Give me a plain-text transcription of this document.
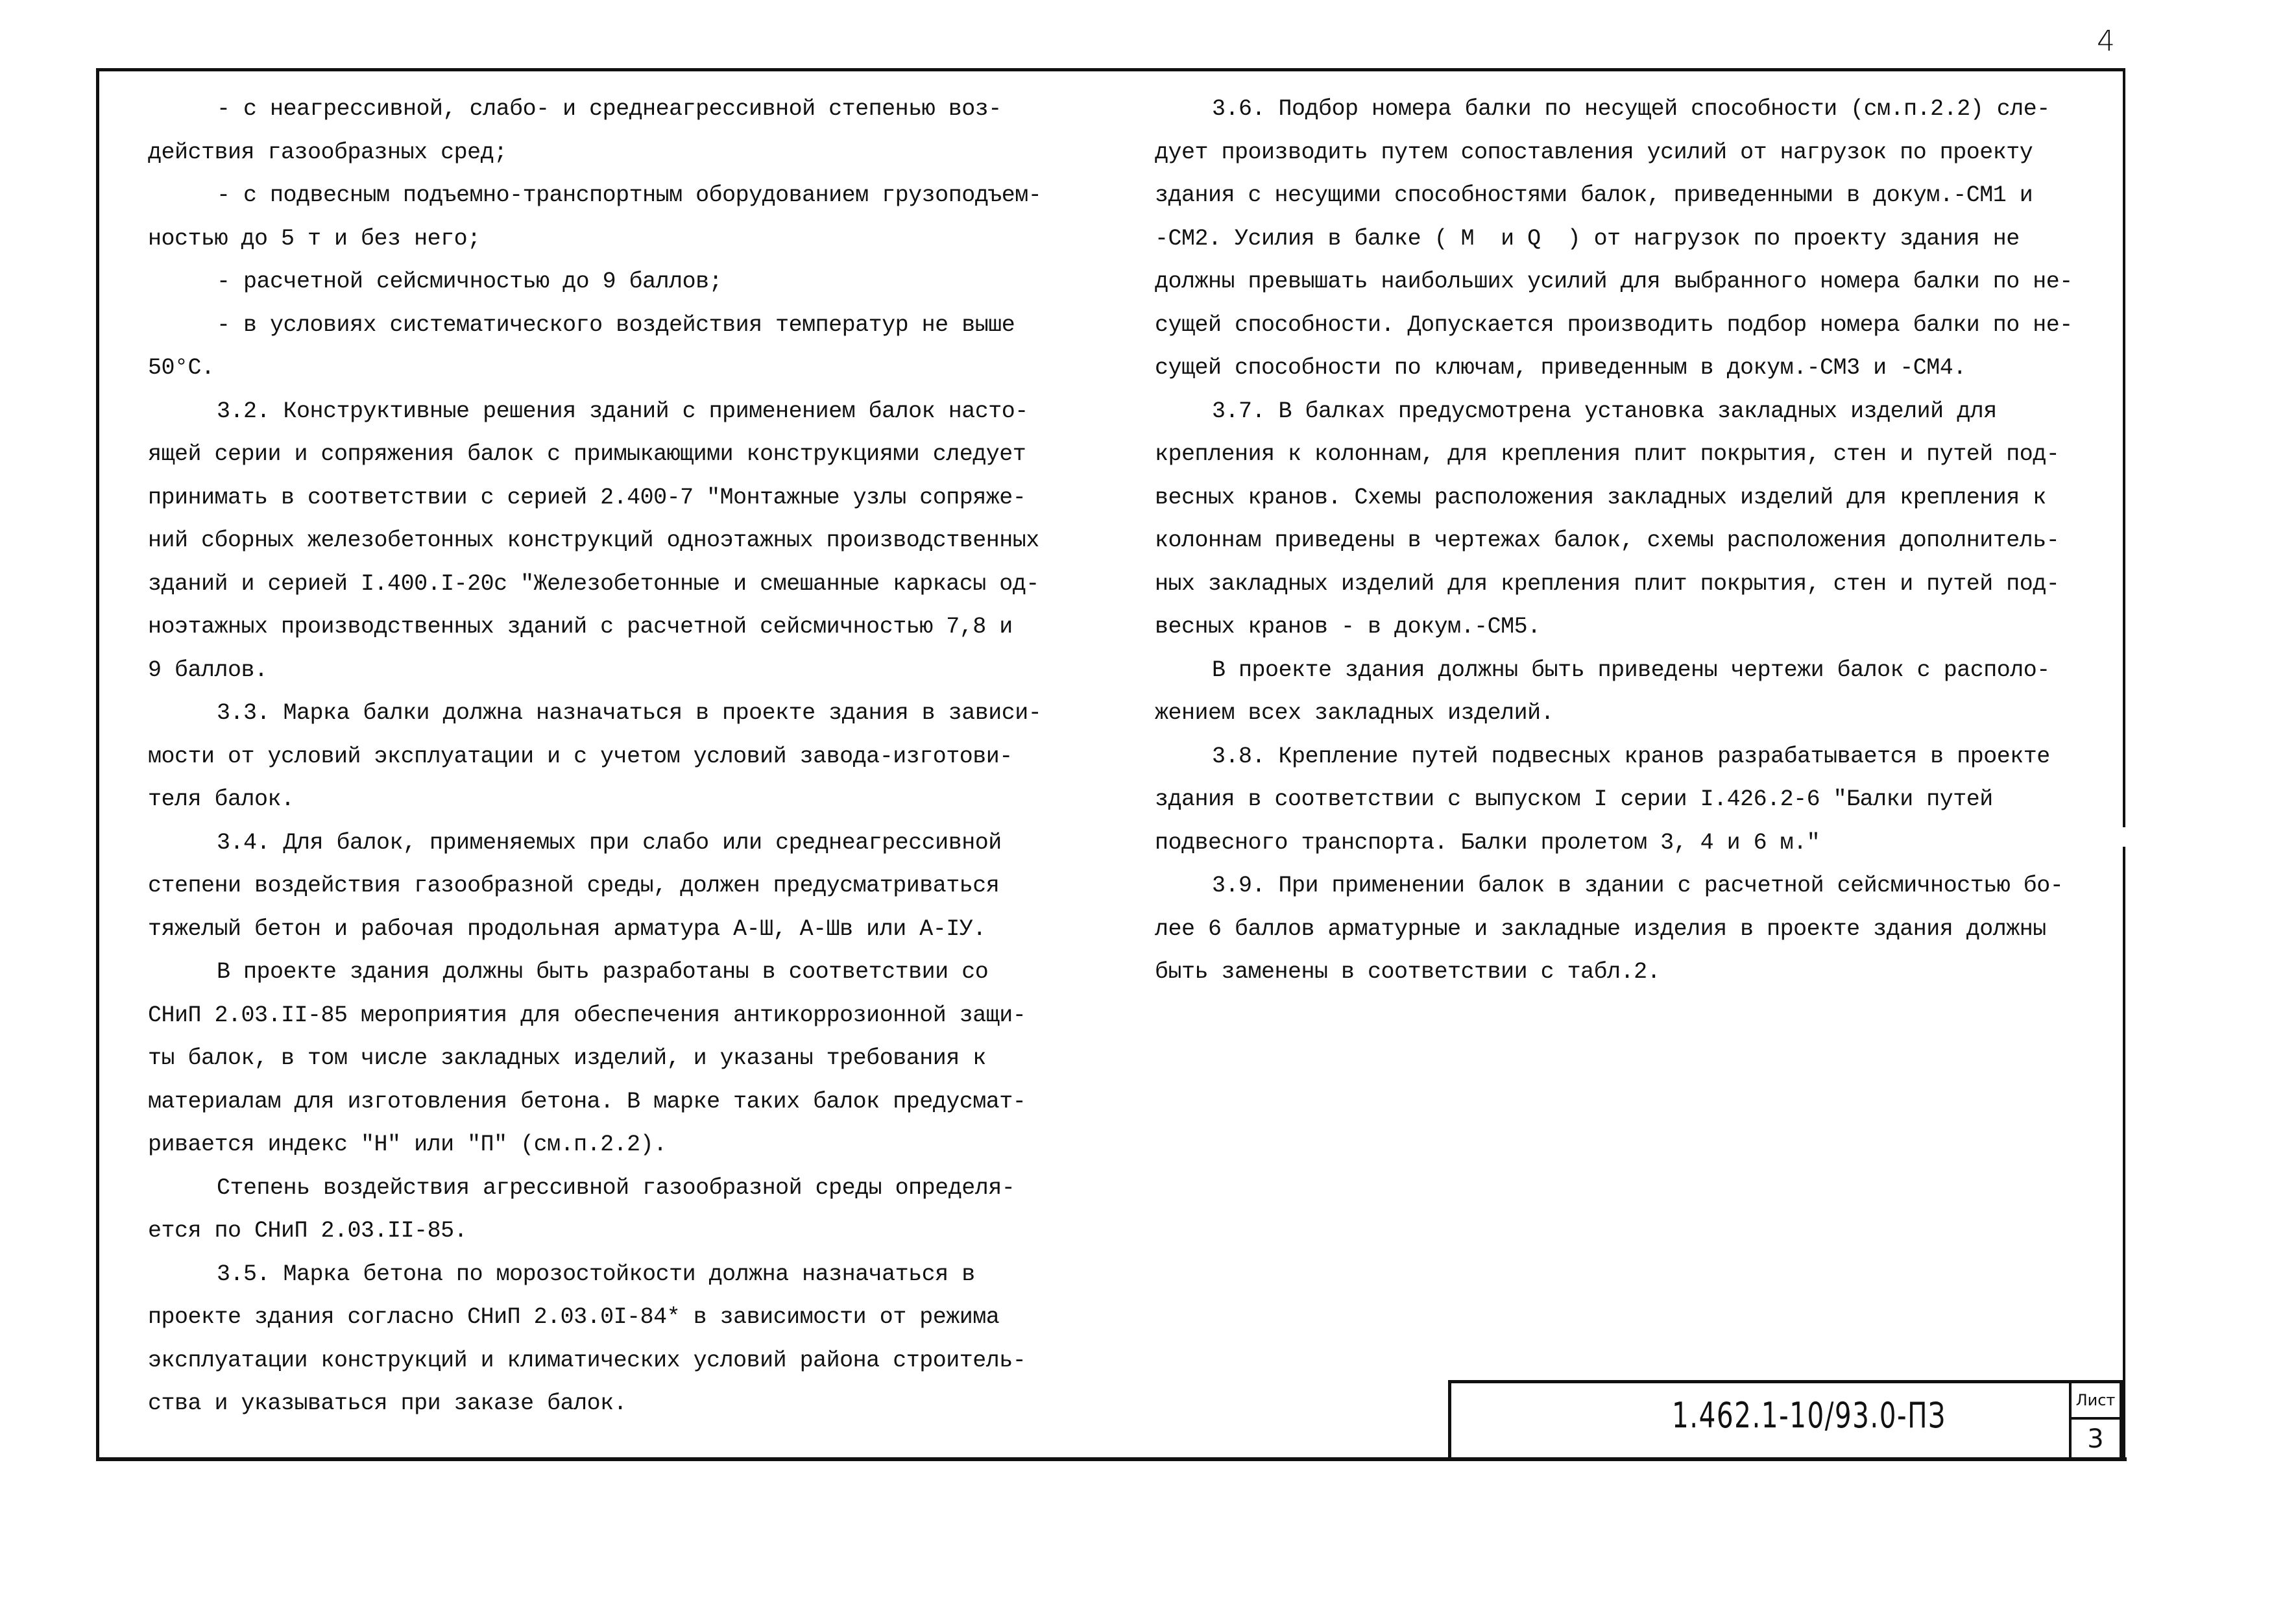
4
- с неагрессивной, слабо- и среднеагрессивной степенью воз-
действия газообразных сред;
- с подвесным подъемно-транспортным оборудованием грузоподъем-
ностью до 5 т и без него;
- расчетной сейсмичностью до 9 баллов;
- в условиях систематического воздействия температур не выше
50°С.
3.2. Конструктивные решения зданий с применением балок насто-
ящей серии и сопряжения балок с примыкающими конструкциями следует
принимать в соответствии с серией 2.400-7 "Монтажные узлы сопряже-
ний сборных железобетонных конструкций одноэтажных производственных
зданий и серией I.400.I-20с "Железобетонные и смешанные каркасы од-
ноэтажных производственных зданий с расчетной сейсмичностью 7,8 и
9 баллов.
3.3. Марка балки должна назначаться в проекте здания в зависи-
мости от условий эксплуатации и с учетом условий завода-изготови-
теля балок.
3.4. Для балок, применяемых при слабо или среднеагрессивной
степени воздействия газообразной среды, должен предусматриваться
тяжелый бетон и рабочая продольная арматура А-Ш, А-Шв или А-IУ.
В проекте здания должны быть разработаны в соответствии со
СНиП 2.03.II-85 мероприятия для обеспечения антикоррозионной защи-
ты балок, в том числе закладных изделий, и указаны требования к
материалам для изготовления бетона. В марке таких балок предусмат-
ривается индекс "Н" или "П" (см.п.2.2).
Степень воздействия агрессивной газообразной среды определя-
ется по СНиП 2.03.II-85.
3.5. Марка бетона по морозостойкости должна назначаться в
проекте здания согласно СНиП 2.03.0I-84* в зависимости от режима
эксплуатации конструкций и климатических условий района строитель-
ства и указываться при заказе балок.
3.6. Подбор номера балки по несущей способности (см.п.2.2) сле-
дует производить путем сопоставления усилий от нагрузок по проекту
здания с несущими способностями балок, приведенными в докум.-СМ1 и
-СМ2. Усилия в балке ( М  и Q  ) от нагрузок по проекту здания не
должны превышать наибольших усилий для выбранного номера балки по не-
сущей способности. Допускается производить подбор номера балки по не-
сущей способности по ключам, приведенным в докум.-СМ3 и -СМ4.
3.7. В балках предусмотрена установка закладных изделий для
крепления к колоннам, для крепления плит покрытия, стен и путей под-
весных кранов. Схемы расположения закладных изделий для крепления к
колоннам приведены в чертежах балок, схемы расположения дополнитель-
ных закладных изделий для крепления плит покрытия, стен и путей под-
весных кранов - в докум.-СМ5.
В проекте здания должны быть приведены чертежи балок с располо-
жением всех закладных изделий.
3.8. Крепление путей подвесных кранов разрабатывается в проекте
здания в соответствии с выпуском I серии I.426.2-6 "Балки путей
подвесного транспорта. Балки пролетом 3, 4 и 6 м."
3.9. При применении балок в здании с расчетной сейсмичностью бо-
лее 6 баллов арматурные и закладные изделия в проекте здания должны
быть заменены в соответствии с табл.2.
1.462.1-10/93.0-ПЗ	Лист
3
